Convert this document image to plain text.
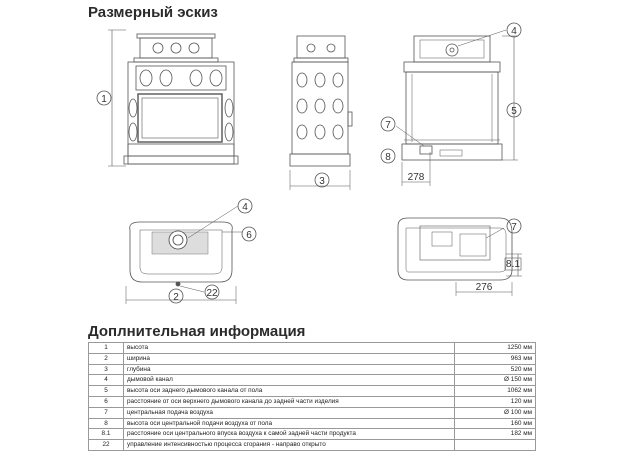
Размерный эскиз
1
2
3
4
4
5
6
7
7
8
8.1
22
278
276
Доплнительная информация
1	высота	1250 мм
2	ширина	963 мм
3	глубина	520 мм
4	дымовой канал	Ø 150 мм
5	высота оси заднего дымового канала от пола	1062 мм
6	расстояние от оси верхнего дымового канала до задней части изделия	120 мм
7	центральная подача воздуха	Ø 100 мм
8	высота оси центральной подачи воздуха от пола	160 мм
8.1	расстояние оси центрального впуска воздуха к самой задней части продукта	182 мм
22	управление интенсивностью процесса сгорания - направо открыто	
